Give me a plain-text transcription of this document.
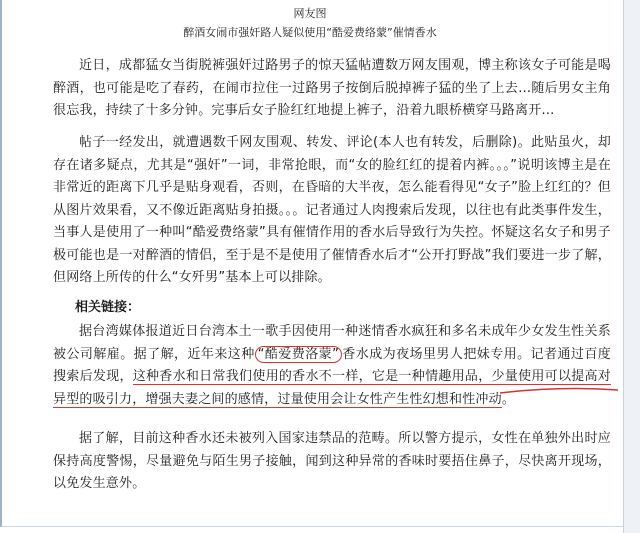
网友图
醉酒女闹市强奸路人疑似使用“酷爱费络蒙”催情香水

近日，成都猛女当街脱裤强奸过路男子的惊天猛帖遭数万网友围观，博主称该女子可能是喝醉酒，也可能是吃了春药，在闹市拉住一过路男子按倒后脱掉裤子猛的坐了上去…随后男女主角很忘我，持续了十多分钟。完事后女子脸红红地提上裤子，沿着九眼桥横穿马路离开…

帖子一经发出，就遭遇数千网友围观、转发、评论(本人也有转发，后删除)。此贴虽火，却存在诸多疑点，尤其是“强奸”一词，非常抢眼，而“女的脸红红的提着内裤。。。”说明该博主是在非常近的距离下几乎是贴身观看，否则，在昏暗的大半夜，怎么能看得见“女子”脸上红红的？但从图片效果看，又不像近距离贴身拍摄。。。记者通过人肉搜索后发现，以往也有此类事件发生，当事人是使用了一种叫“酷爱费络蒙”具有催情作用的香水后导致行为失控。怀疑这名女子和男子极可能也是一对醉酒的情侣，至于是不是使用了催情香水后才“公开打野战”我们要进一步了解，但网络上所传的什么“女歼男”基本上可以排除。

相关链接：

据台湾媒体报道近日台湾本土一歌手因使用一种迷情香水疯狂和多名未成年少女发生性关系被公司解雇。据了解，近年来这种 “酷爱费洛蒙” 香水成为夜场里男人把妹专用。记者通过百度搜索后发现，这种香水和日常我们使用的香水不一样，它是一种情趣用品，少量使用可以提高对异型的吸引力，增强夫妻之间的感情，过量使用会让女性产生性幻想和性冲动。

据了解，目前这种香水还未被列入国家违禁品的范畴。所以警方提示，女性在单独外出时应保持高度警惕，尽量避免与陌生男子接触，闻到这种异常的香味时要捂住鼻子，尽快离开现场，以免发生意外。
